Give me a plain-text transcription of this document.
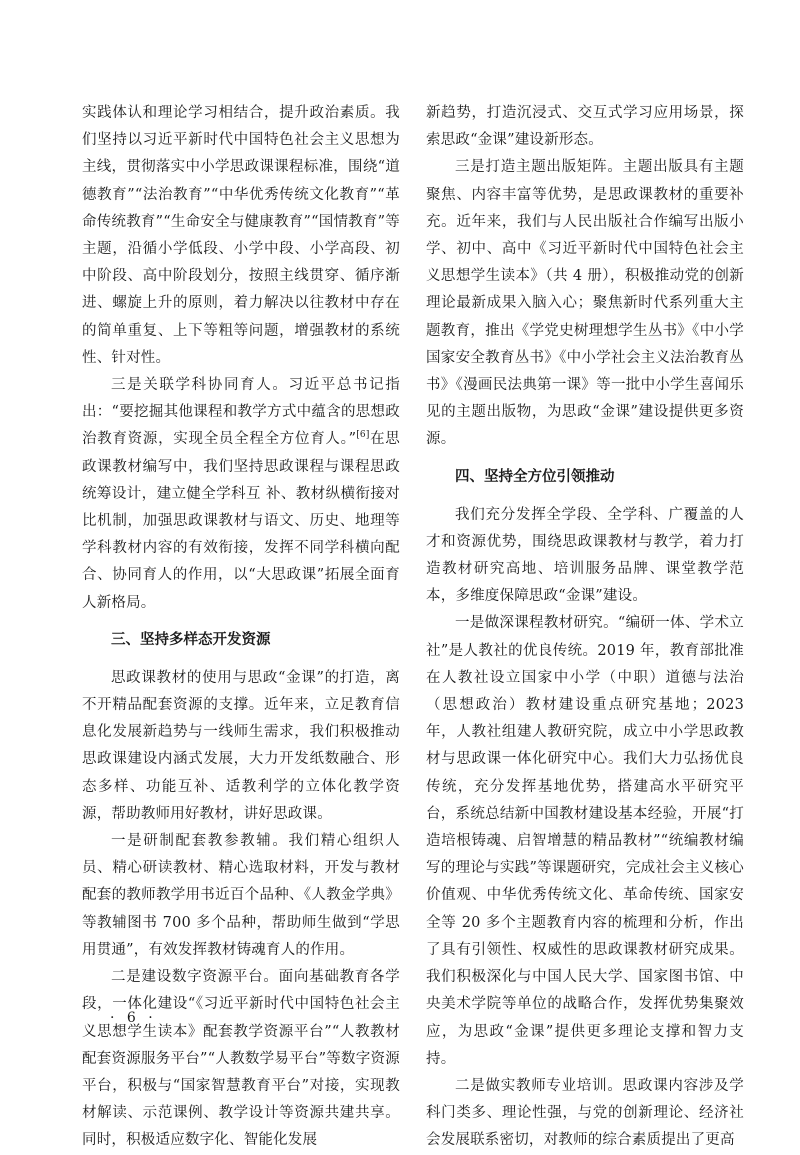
实践体认和理论学习相结合，提升政治素质。我们坚持以习近平新时代中国特色社会主义思想为主线，贯彻落实中小学思政课课程标准，围绕“道德教育”“法治教育”“中华优秀传统文化教育”“革命传统教育”“生命安全与健康教育”“国情教育”等主题，沿循小学低段、小学中段、小学高段、初中阶段、高中阶段划分，按照主线贯穿、循序渐进、螺旋上升的原则，着力解决以往教材中存在的简单重复、上下等粗等问题，增强教材的系统性、针对性。

三是关联学科协同育人。习近平总书记指出：“要挖掘其他课程和教学方式中蕴含的思想政治教育资源，实现全员全程全方位育人。”[6]在思政课教材编写中，我们坚持思政课程与课程思政统筹设计，建立健全学科互 补、教材纵横衔接对比机制，加强思政课教材与语文、历史、地理等学科教材内容的有效衔接，发挥不同学科横向配合、协同育人的作用，以“大思政课”拓展全面育人新格局。

三、坚持多样态开发资源

思政课教材的使用与思政“金课”的打造，离不开精品配套资源的支撑。近年来，立足教育信息化发展新趋势与一线师生需求，我们积极推动思政课建设内涵式发展，大力开发纸数融合、形态多样、功能互补、适教利学的立体化教学资源，帮助教师用好教材，讲好思政课。

一是研制配套教参教辅。我们精心组织人员、精心研读教材、精心选取材料，开发与教材配套的教师教学用书近百个品种、《人教金学典》等教辅图书 700 多个品种，帮助师生做到“学思用贯通”，有效发挥教材铸魂育人的作用。

二是建设数字资源平台。面向基础教育各学段，一体化建设“《习近平新时代中国特色社会主义思想学生读本》配套教学资源平台”“人教教材配套资源服务平台”“人教数学易平台”等数字资源平台，积极与“国家智慧教育平台”对接，实现教材解读、示范课例、教学设计等资源共建共享。同时，积极适应数字化、智能化发展

新趋势，打造沉浸式、交互式学习应用场景，探索思政“金课”建设新形态。

三是打造主题出版矩阵。主题出版具有主题聚焦、内容丰富等优势，是思政课教材的重要补充。近年来，我们与人民出版社合作编写出版小学、初中、高中《习近平新时代中国特色社会主义思想学生读本》（共 4 册），积极推动党的创新理论最新成果入脑入心；聚焦新时代系列重大主题教育，推出《学党史树理想学生丛书》《中小学国家安全教育丛书》《中小学社会主义法治教育丛书》《漫画民法典第一课》等一批中小学生喜闻乐见的主题出版物，为思政“金课”建设提供更多资源。

四、坚持全方位引领推动

我们充分发挥全学段、全学科、广覆盖的人才和资源优势，围绕思政课教材与教学，着力打造教材研究高地、培训服务品牌、课堂教学范本，多维度保障思政“金课”建设。

一是做深课程教材研究。“编研一体、学术立社”是人教社的优良传统。2019 年，教育部批准在人教社设立国家中小学（中职）道德与法治（思想政治）教材建设重点研究基地；2023 年，人教社组建人教研究院，成立中小学思政教材与思政课一体化研究中心。我们大力弘扬优良传统，充分发挥基地优势，搭建高水平研究平台，系统总结新中国教材建设基本经验，开展“打造培根铸魂、启智增慧的精品教材”“统编教材编写的理论与实践”等课题研究，完成社会主义核心价值观、中华优秀传统文化、革命传统、国家安全等 20 多个主题教育内容的梳理和分析，作出了具有引领性、权威性的思政课教材研究成果。我们积极深化与中国人民大学、国家图书馆、中央美术学院等单位的战略合作，发挥优势集聚效应，为思政“金课”提供更多理论支撑和智力支持。

二是做实教师专业培训。思政课内容涉及学科门类多、理论性强，与党的创新理论、经济社会发展联系密切，对教师的综合素质提出了更高

· 6 ·
